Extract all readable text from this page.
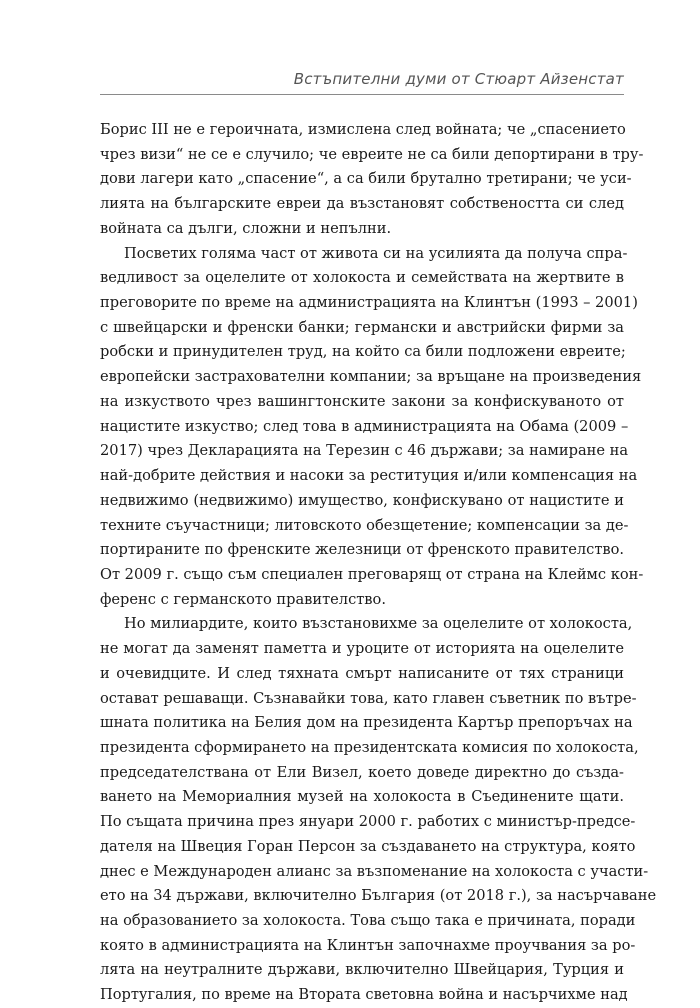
Встъпителни думи от Стюарт Айзенстат
Борис III не е героичната, измислена след войната; че „спасението
чрез визи“ не се е случило; че евреите не са били депортирани в тру-
дови лагери като „спасение“, а са били брутално третирани; че уси-
лията на българските евреи да възстановят собствеността си след
войната са дълги, сложни и непълни.
Посветих голяма част от живота си на усилията да получа спра-
ведливост за оцелелите от холокоста и семействата на жертвите в
преговорите по време на администрацията на Клинтън (1993 – 2001)
с швейцарски и френски банки; германски и австрийски фирми за
робски и принудителен труд, на който са били подложени евреите;
европейски застрахователни компании; за връщане на произведения
на изкуството чрез вашингтонските закони за конфискуваното от
нацистите изкуство; след това в администрацията на Обама (2009 –
2017) чрез Декларацията на Терезин с 46 държави; за намиране на
най-добрите действия и насоки за реституция и/или компенсация на
недвижимо (недвижимо) имущество, конфискувано от нацистите и
техните съучастници; литовското обезщетение; компенсации за де-
портираните по френските железници от френското правителство.
От 2009 г. също съм специален преговарящ от страна на Клеймс кон-
ференс с германското правителство.
Но милиардите, които възстановихме за оцелелите от холокоста,
не могат да заменят паметта и уроците от историята на оцелелите
и очевидците. И след тяхната смърт написаните от тях страници
остават решаващи. Съзнавайки това, като главен съветник по вътре-
шната политика на Белия дом на президента Картър препоръчах на
президента сформирането на президентската комисия по холокоста,
председателствана от Ели Визел, което доведе директно до създа-
ването на Мемориалния музей на холокоста в Съединените щати.
По същата причина през януари 2000 г. работих с министър-предсе-
дателя на Швеция Горан Персон за създаването на структура, която
днес е Международен алианс за възпоменание на холокоста с участи-
ето на 34 държави, включително България (от 2018 г.), за насърчаване
на образованието за холокоста. Това също така е причината, поради
която в администрацията на Клинтън започнахме проучвания за ро-
лята на неутралните държави, включително Швейцария, Турция и
Португалия, по време на Втората световна война и насърчихме над
